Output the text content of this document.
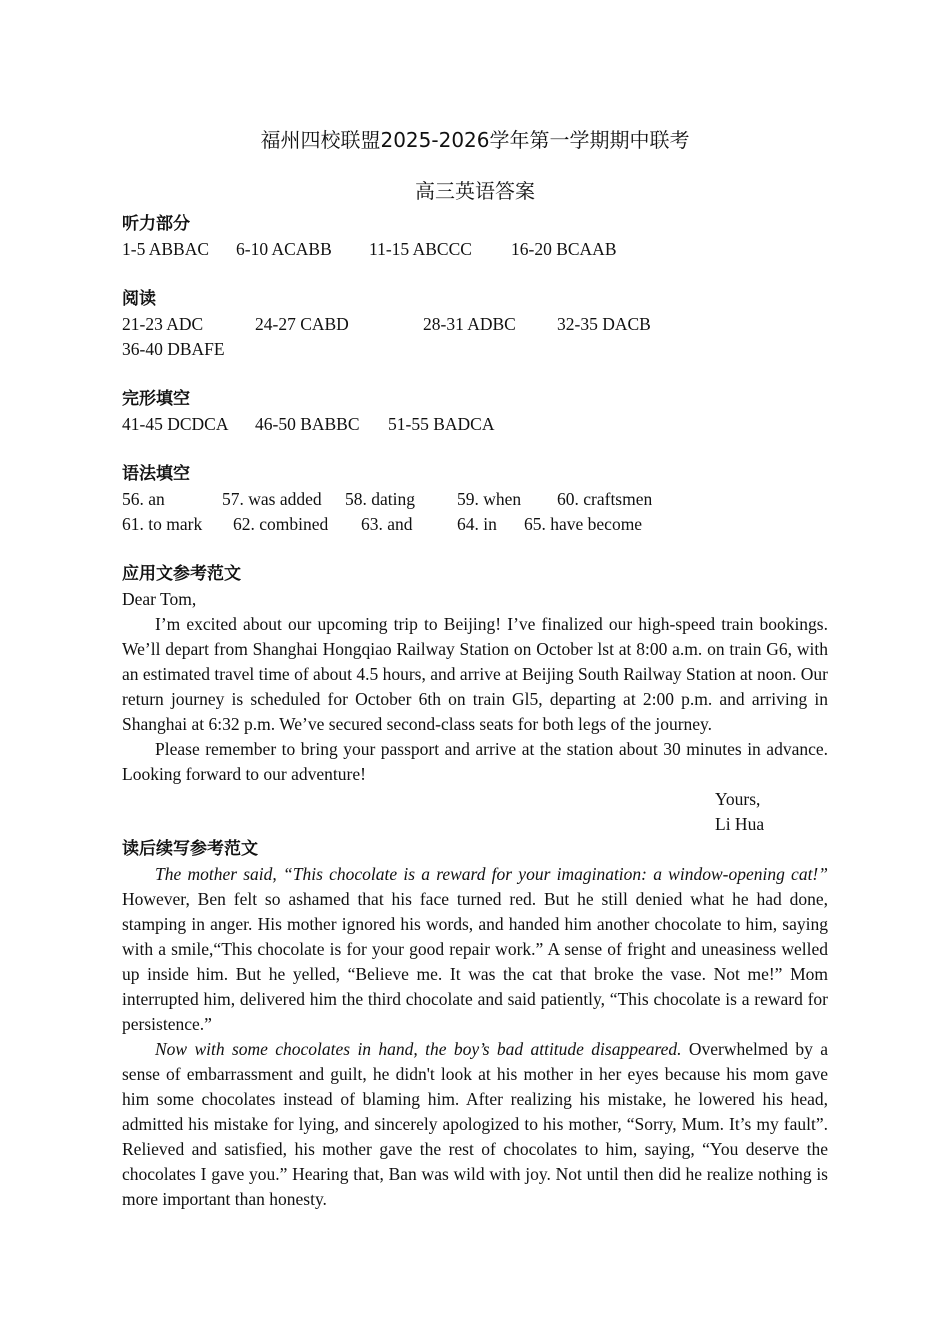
福州四校联盟2025-2026学年第一学期期中联考
高三英语答案
听力部分
1-5 ABBAC 6-10 ACABB 11-15 ABCCC 16-20 BCAAB
阅读
21-23 ADC	24-27 CABD	28-31 ADBC 32-35 DACB
36-40 DBAFE
完形填空
41-45 DCDCA 46-50 BABBC 51-55 BADCA
语法填空
56. an	57. was added 58. dating 59. when 60. craftsmen
61. to mark 62. combined 63. and	64. in 65. have become
应用文参考范文

Dear Tom,

I’m excited about our upcoming trip to Beijing! I’ve finalized our high-speed train bookings. We’ll depart from Shanghai Hongqiao Railway Station on October lst at 8:00 a.m. on train G6, with an estimated travel time of about 4.5 hours, and arrive at Beijing South Railway Station at noon. Our return journey is scheduled for October 6th on train Gl5, departing at 2:00 p.m. and arriving in Shanghai at 6:32 p.m. We’ve secured second-class seats for both legs of the journey.

Please remember to bring your passport and arrive at the station about 30 minutes in advance. Looking forward to our adventure!

Yours,

Li Hua

读后续写参考范文

The mother said, “This chocolate is a reward for your imagination: a window-opening cat!” However, Ben felt so ashamed that his face turned red. But he still denied what he had done, stamping in anger. His mother ignored his words, and handed him another chocolate to him, saying with a smile,“This chocolate is for your good repair work.” A sense of fright and uneasiness welled up inside him. But he yelled, “Believe me. It was the cat that broke the vase. Not me!” Mom interrupted him, delivered him the third chocolate and said patiently, “This chocolate is a reward for persistence.”

Now with some chocolates in hand, the boy’s bad attitude disappeared. Overwhelmed by a sense of embarrassment and guilt, he didn't look at his mother in her eyes because his mom gave him some chocolates instead of blaming him. After realizing his mistake, he lowered his head, admitted his mistake for lying, and sincerely apologized to his mother, “Sorry, Mum. It’s my fault”. Relieved and satisfied, his mother gave the rest of chocolates to him, saying, “You deserve the chocolates I gave you.” Hearing that, Ban was wild with joy. Not until then did he realize nothing is more important than honesty.
